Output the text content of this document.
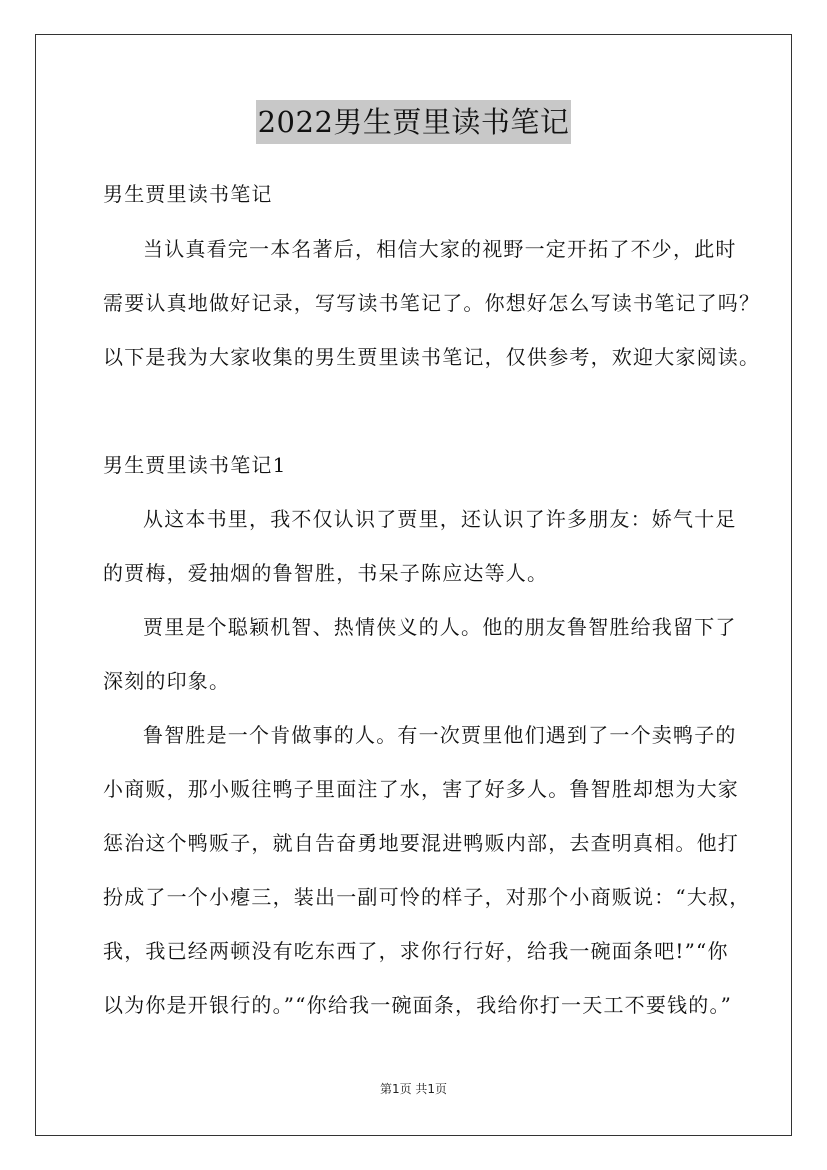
2022男生贾里读书笔记
男生贾里读书笔记
当认真看完一本名著后，相信大家的视野一定开拓了不少，此时
需要认真地做好记录，写写读书笔记了。你想好怎么写读书笔记了吗？
以下是我为大家收集的男生贾里读书笔记，仅供参考，欢迎大家阅读。
男生贾里读书笔记1
从这本书里，我不仅认识了贾里，还认识了许多朋友：娇气十足
的贾梅，爱抽烟的鲁智胜，书呆子陈应达等人。
贾里是个聪颖机智、热情侠义的人。他的朋友鲁智胜给我留下了
深刻的印象。
鲁智胜是一个肯做事的人。有一次贾里他们遇到了一个卖鸭子的
小商贩，那小贩往鸭子里面注了水，害了好多人。鲁智胜却想为大家
惩治这个鸭贩子，就自告奋勇地要混进鸭贩内部，去查明真相。他打
扮成了一个小瘪三，装出一副可怜的样子，对那个小商贩说：“大叔，
我，我已经两顿没有吃东西了，求你行行好，给我一碗面条吧!”“你
以为你是开银行的。”“你给我一碗面条，我给你打一天工不要钱的。”
第1页 共1页
